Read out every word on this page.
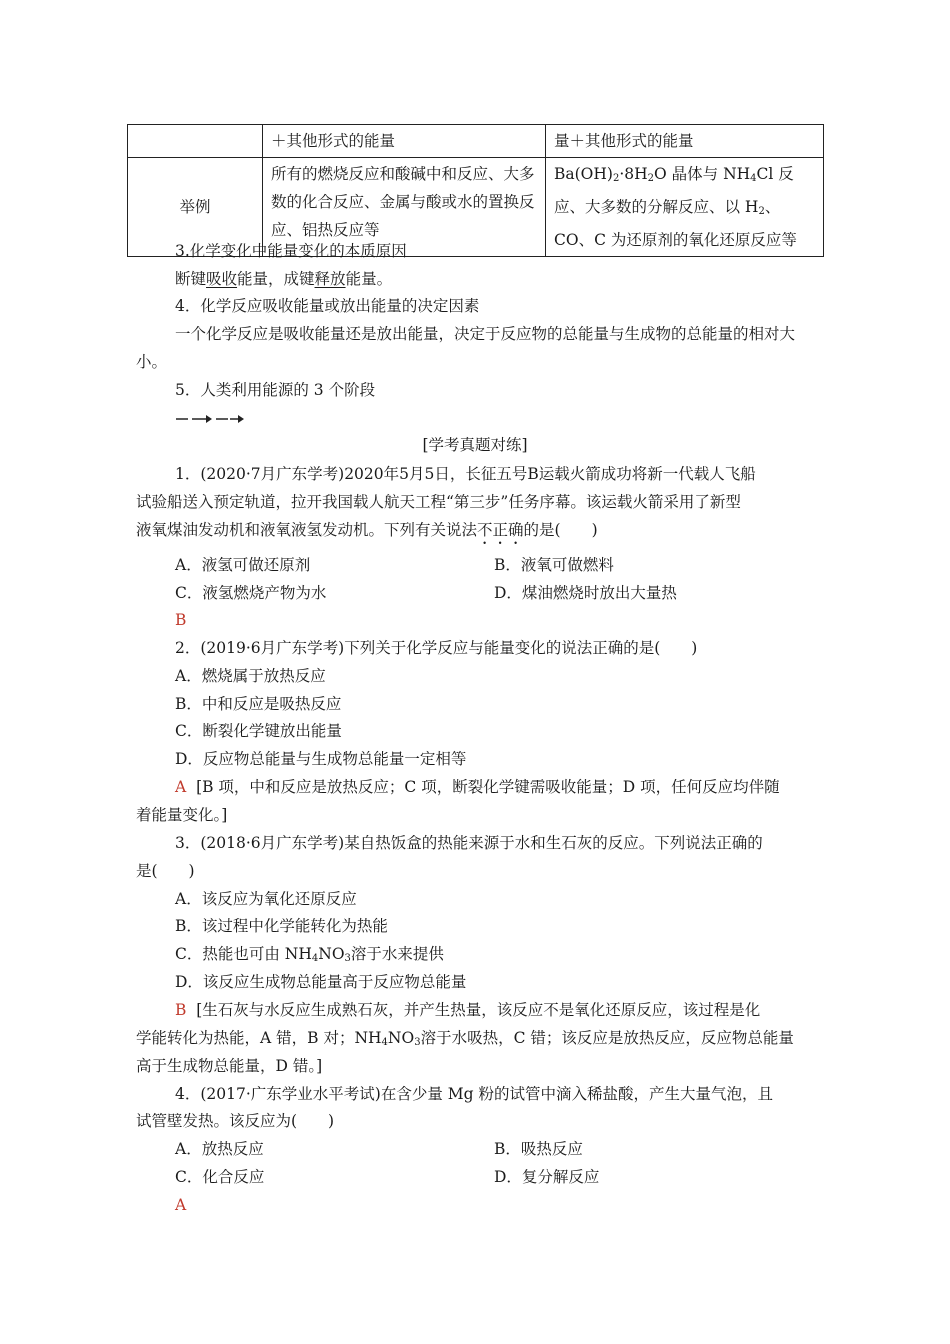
	＋其他形式的能量	量＋其他形式的能量
举例	所有的燃烧反应和酸碱中和反应、大多数的化合反应、金属与酸或水的置换反应、铝热反应等	$Ba(OH)_2\cdot 8H_2O$ 晶体与 $NH_4Cl$ 反应、大多数的分解反应、以 $H_2$、CO、C 为还原剂的氧化还原反应等
3.化学变化中能量变化的本质原因
断键吸收能量，成键释放能量。
4．化学反应吸收能量或放出能量的决定因素
一个化学反应是吸收能量还是放出能量，决定于反应物的总能量与生成物的总能量的相对大小。
5．人类利用能源的 3 个阶段
[学考真题对练]
1．(2020·7月广东学考)2020年5月5日，长征五号B运载火箭成功将新一代载人飞船
试验船送入预定轨道，拉开我国载人航天工程“第三步”任务序幕。该运载火箭采用了新型
液氧煤油发动机和液氧液氢发动机。下列有关说法不正确的是(　　)
A．液氢可做还原剂	B．液氧可做燃料
C．液氢燃烧产物为水	D．煤油燃烧时放出大量热
B
2．(2019·6月广东学考)下列关于化学反应与能量变化的说法正确的是(　　)
A．燃烧属于放热反应
B．中和反应是吸热反应
C．断裂化学键放出能量
D．反应物总能量与生成物总能量一定相等
A [B 项，中和反应是放热反应；C 项，断裂化学键需吸收能量；D 项，任何反应均伴随
着能量变化。]
3．(2018·6月广东学考)某自热饭盒的热能来源于水和生石灰的反应。下列说法正确的
是(　　)
A．该反应为氧化还原反应
B．该过程中化学能转化为热能
C．热能也可由 $NH_4NO_3$溶于水来提供
D．该反应生成物总能量高于反应物总能量
B [生石灰与水反应生成熟石灰，并产生热量，该反应不是氧化还原反应，该过程是化
学能转化为热能，A 错，B 对；$NH_4NO_3$溶于水吸热，C 错；该反应是放热反应，反应物总能量
高于生成物总能量，D 错。]
4．(2017·广东学业水平考试)在含少量 Mg 粉的试管中滴入稀盐酸，产生大量气泡，且
试管壁发热。该反应为(　　)
A．放热反应	B．吸热反应
C．化合反应	D．复分解反应
A
